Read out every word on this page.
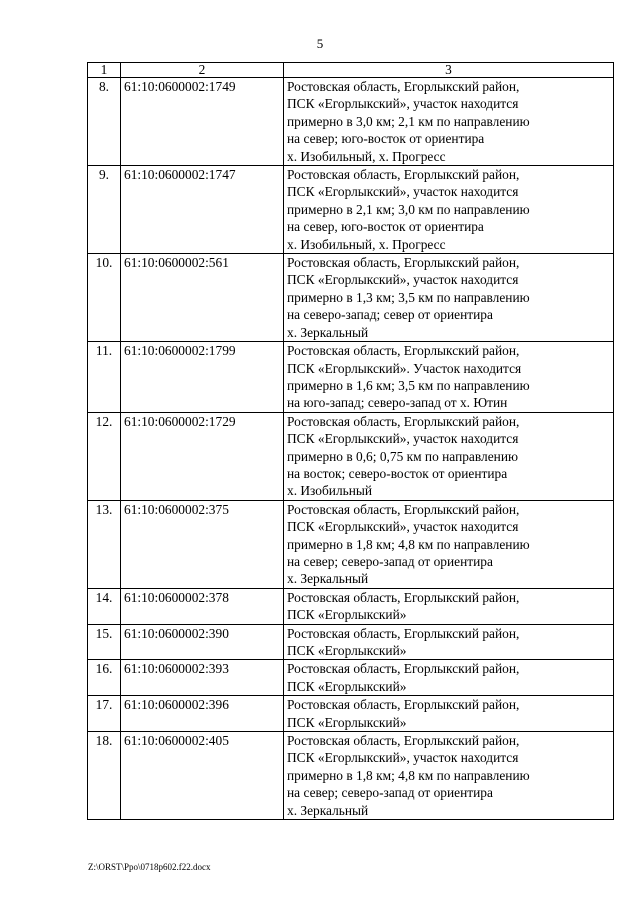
5
1	2	3
8.	61:10:0600002:1749	Ростовская область, Егорлыкский район,
ПСК «Егорлыкский», участок находится
примерно в 3,0 км; 2,1 км по направлению
на север; юго-восток от ориентира
х. Изобильный, х. Прогресс

9.	61:10:0600002:1747	Ростовская область, Егорлыкский район,
ПСК «Егорлыкский», участок находится
примерно в 2,1 км; 3,0 км по направлению
на север, юго-восток от ориентира
х. Изобильный, х. Прогресс

10.	61:10:0600002:561	Ростовская область, Егорлыкский район,
ПСК «Егорлыкский», участок находится
примерно в 1,3 км; 3,5 км по направлению
на северо-запад; север от ориентира
х. Зеркальный

11.	61:10:0600002:1799	Ростовская область, Егорлыкский район,
ПСК «Егорлыкский». Участок находится
примерно в 1,6 км; 3,5 км по направлению
на юго-запад; северо-запад от х. Ютин

12.	61:10:0600002:1729	Ростовская область, Егорлыкский район,
ПСК «Егорлыкский», участок находится
примерно в 0,6; 0,75 км по направлению
на восток; северо-восток от ориентира
х. Изобильный

13.	61:10:0600002:375	Ростовская область, Егорлыкский район,
ПСК «Егорлыкский», участок находится
примерно в 1,8 км; 4,8 км по направлению
на север; северо-запад от ориентира
х. Зеркальный

14.	61:10:0600002:378	Ростовская область, Егорлыкский район,
ПСК «Егорлыкский»

15.	61:10:0600002:390	Ростовская область, Егорлыкский район,
ПСК «Егорлыкский»

16.	61:10:0600002:393	Ростовская область, Егорлыкский район,
ПСК «Егорлыкский»

17.	61:10:0600002:396	Ростовская область, Егорлыкский район,
ПСК «Егорлыкский»

18.	61:10:0600002:405	Ростовская область, Егорлыкский район,
ПСК «Егорлыкский», участок находится
примерно в 1,8 км; 4,8 км по направлению
на север; северо-запад от ориентира
х. Зеркальный
Z:\ORST\Ppo\0718p602.f22.docx
